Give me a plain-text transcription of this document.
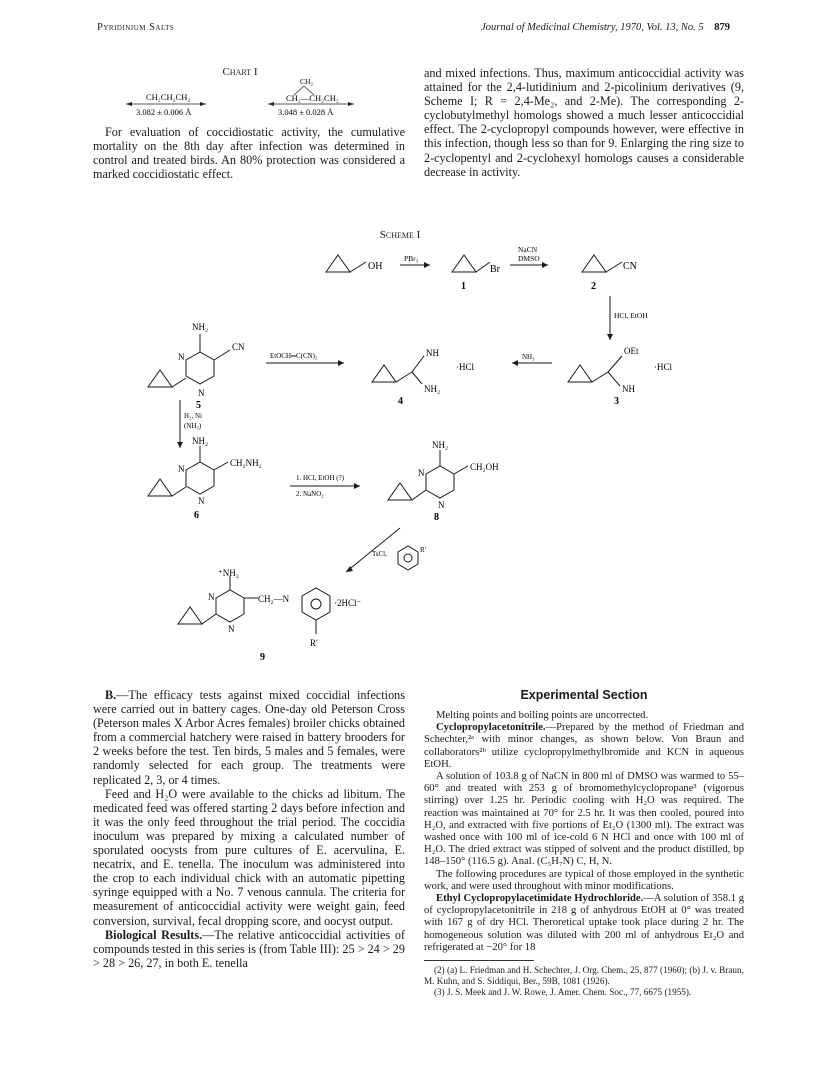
Pyridinium Salts	Journal of Medicinal Chemistry, 1970, Vol. 13, No. 5 879
Chart I
CH₂CH₂CH₂
3.082 ± 0.006 Å
CH₂
CH₂—CH₂CH₂
3.048 ± 0.028 Å

For evaluation of coccidiostatic activity, the cumulative mortality on the 8th day after infection was determined in control and treated birds. An 80% protection was considered a marked coccidiostatic effect.

and mixed infections. Thus, maximum anticoccidial activity was attained for the 2,4-lutidinium and 2-picolinium derivatives (9, Scheme I; R = 2,4-Me₂, and 2-Me). The corresponding 2-cyclobutylmethyl homologs showed a much lesser anticoccidial effect. The 2-cyclopropyl compounds however, were effective in this infection, though less so than for 9. Enlarging the ring size to 2-cyclopentyl and 2-cyclohexyl homologs causes a considerable decrease in activity.

Scheme I
OH
PBr₃
Br
1
NaCN
DMSO
CN
2
HCl, EtOH
NH₂
N
N
CN
5
EtOCH═C(CN)₂	NH
NH₂
·HCl
4
NH₃
OEt
NH
·HCl
3
H₂, Ni
(NH₃)
NH₂
N
N
CH₂NH₂
6
1. HCl, EtOH (?)
2. NaNO₂
NH₂
N
N
CH₂OH
8
TsCl,	R′
⁺NH₂
N
N
CH₂—N	·2HCl⁻
R′
9

B.—The efficacy tests against mixed coccidial infections were carried out in battery cages. One-day old Peterson Cross (Peterson males X Arbor Acres females) broiler chicks obtained from a commercial hatchery were raised in battery brooders for 2 weeks before the test. Ten birds, 5 males and 5 females, were randomly selected for each group. The treatments were replicated 2, 3, or 4 times.

Feed and H₂O were available to the chicks ad libitum. The medicated feed was offered starting 2 days before infection and it was the only feed throughout the trial period. The coccidia inoculum was prepared by mixing a calculated number of sporulated oocysts from pure cultures of E. acervulina, E. necatrix, and E. tenella. The inoculum was administered into the crop to each individual chick with an automatic pipetting syringe equipped with a No. 7 venous cannula. The criteria for measurement of anticoccidial activity were weight gain, feed conversion, survival, fecal dropping score, and oocyst output.

Biological Results.—The relative anticoccidial activities of compounds tested in this series is (from Table III): 25 > 24 > 29 > 28 > 26, 27, in both E. tenella

Experimental Section

Melting points and boiling points are uncorrected.

Cyclopropylacetonitrile.—Prepared by the method of Friedman and Schechter,²ᵃ with minor changes, as shown below. Von Braun and collaborators²ᵇ utilize cyclopropylmethylbromide and KCN in aqueous EtOH.

A solution of 103.8 g of NaCN in 800 ml of DMSO was warmed to 55–60° and treated with 253 g of bromomethylcyclopropane³ (vigorous stirring) over 1.25 hr. Periodic cooling with H₂O was required. The reaction was maintained at 70° for 2.5 hr. It was then cooled, poured into H₂O, and extracted with five portions of Et₂O (1300 ml). The extract was washed once with 100 ml of ice-cold 6 N HCl and once with 100 ml of H₂O. The dried extract was stipped of solvent and the product distilled, bp 148–150° (116.5 g). Anal. (C₅H₇N) C, H, N.

The following procedures are typical of those employed in the synthetic work, and were used throughout with minor modifications.

Ethyl Cyclopropylacetimidate Hydrochloride.—A solution of 358.1 g of cyclopropylacetonitrile in 218 g of anhydrous EtOH at 0° was treated with 167 g of dry HCl. Theroretical uptake took place during 2 hr. The homogeneous solution was diluted with 200 ml of anhydrous Et₂O and refrigerated at −20° for 18

(2) (a) L. Friedman and H. Schechter, J. Org. Chem., 25, 877 (1960); (b) J. v. Braun, M. Kuhn, and S. Siddiqui, Ber., 59B, 1081 (1926).

(3) J. S. Meek and J. W. Rowe, J. Amer. Chem. Soc., 77, 6675 (1955).
